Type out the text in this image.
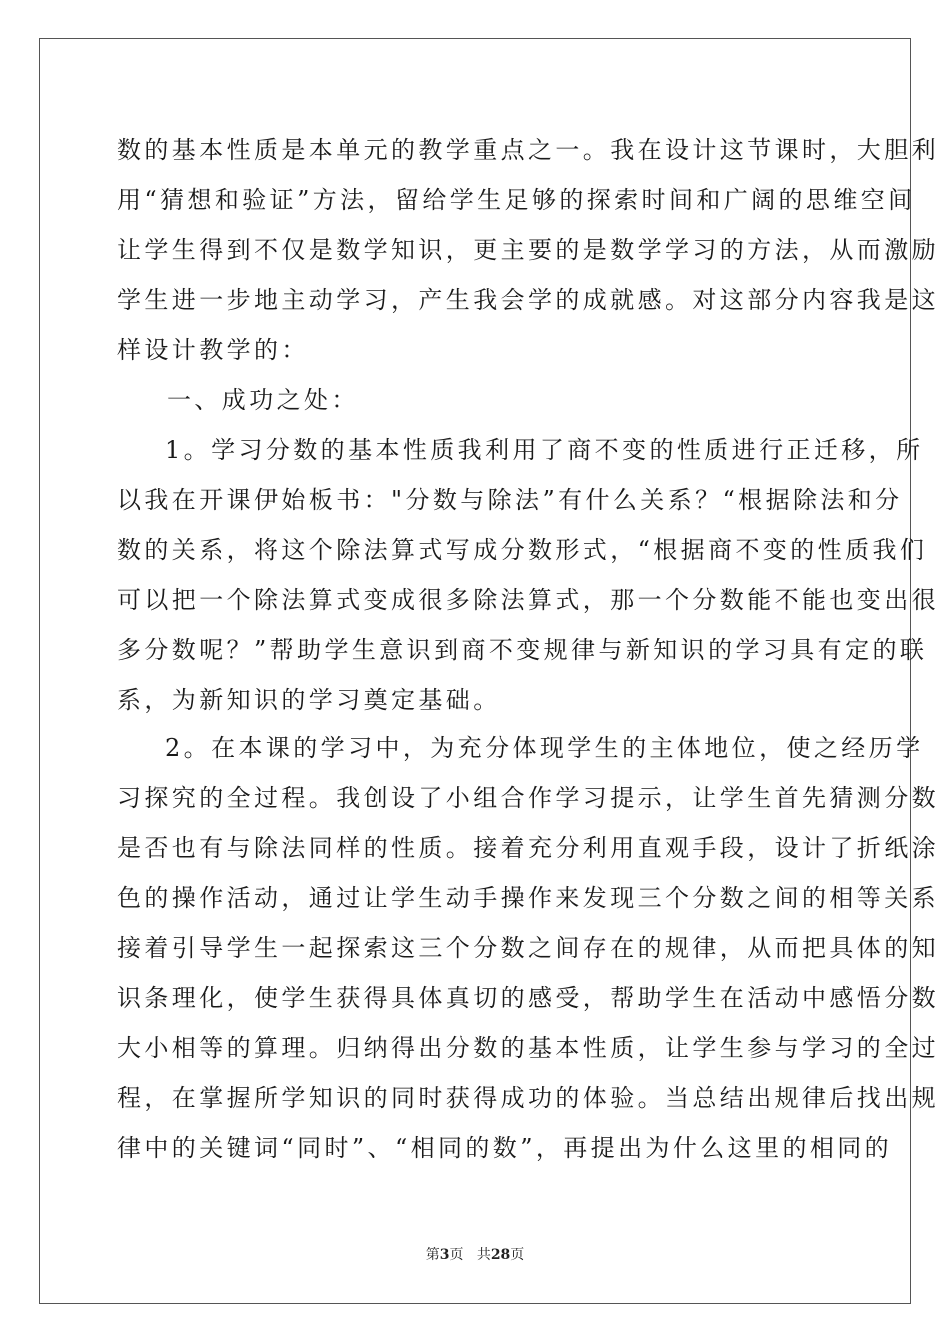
数的基本性质是本单元的教学重点之一。我在设计这节课时，大胆利
用“猜想和验证”方法，留给学生足够的探索时间和广阔的思维空间
让学生得到不仅是数学知识，更主要的是数学学习的方法，从而激励
学生进一步地主动学习，产生我会学的成就感。对这部分内容我是这
样设计教学的：
一、成功之处：
1。学习分数的基本性质我利用了商不变的性质进行正迁移，所
以我在开课伊始板书："分数与除法”有什么关系？“根据除法和分
数的关系，将这个除法算式写成分数形式，“根据商不变的性质我们
可以把一个除法算式变成很多除法算式，那一个分数能不能也变出很
多分数呢？”帮助学生意识到商不变规律与新知识的学习具有定的联
系，为新知识的学习奠定基础。
2。在本课的学习中，为充分体现学生的主体地位，使之经历学
习探究的全过程。我创设了小组合作学习提示，让学生首先猜测分数
是否也有与除法同样的性质。接着充分利用直观手段，设计了折纸涂
色的操作活动，通过让学生动手操作来发现三个分数之间的相等关系
接着引导学生一起探索这三个分数之间存在的规律，从而把具体的知
识条理化，使学生获得具体真切的感受，帮助学生在活动中感悟分数
大小相等的算理。归纳得出分数的基本性质，让学生参与学习的全过
程，在掌握所学知识的同时获得成功的体验。当总结出规律后找出规
律中的关键词“同时”、“相同的数”，再提出为什么这里的相同的
第3页 共28页
